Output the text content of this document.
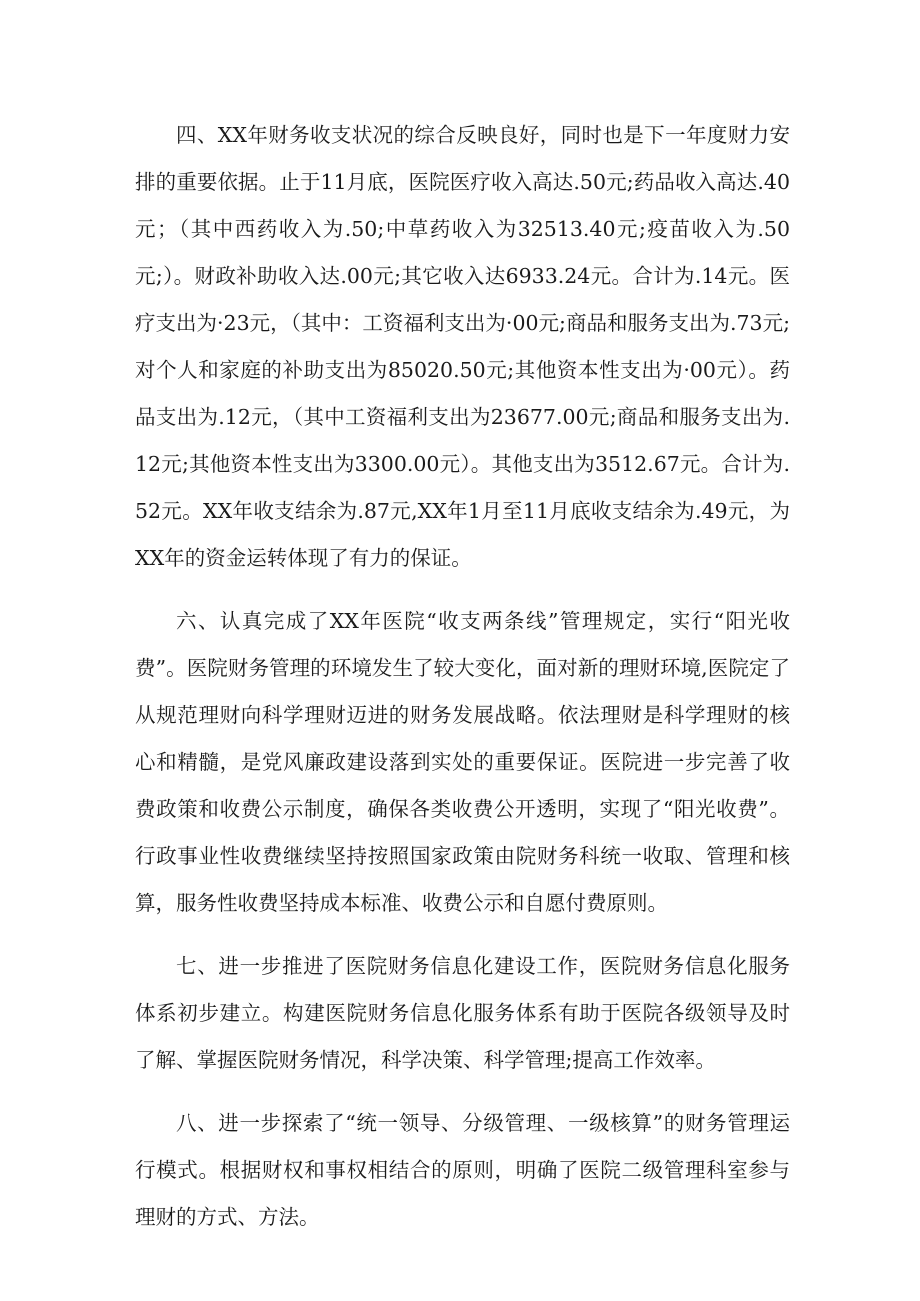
四、XX年财务收支状况的综合反映良好，同时也是下一年度财力安排的重要依据。止于11月底，医院医疗收入高达.50元;药品收入高达.40元；（其中西药收入为.50;中草药收入为32513.40元;疫苗收入为.50元;）。财政补助收入达.00元;其它收入达6933.24元。合计为.14元。医疗支出为·23元，（其中：工资福利支出为·00元;商品和服务支出为.73元;对个人和家庭的补助支出为85020.50元;其他资本性支出为·00元）。药品支出为.12元，（其中工资福利支出为23677.00元;商品和服务支出为.12元;其他资本性支出为3300.00元）。其他支出为3512.67元。合计为.52元。XX年收支结余为.87元,XX年1月至11月底收支结余为.49元，为XX年的资金运转体现了有力的保证。

六、认真完成了XX年医院“收支两条线”管理规定，实行“阳光收费”。医院财务管理的环境发生了较大变化，面对新的理财环境,医院定了从规范理财向科学理财迈进的财务发展战略。依法理财是科学理财的核心和精髓，是党风廉政建设落到实处的重要保证。医院进一步完善了收费政策和收费公示制度，确保各类收费公开透明，实现了“阳光收费”。行政事业性收费继续坚持按照国家政策由院财务科统一收取、管理和核算，服务性收费坚持成本标准、收费公示和自愿付费原则。

七、进一步推进了医院财务信息化建设工作，医院财务信息化服务体系初步建立。构建医院财务信息化服务体系有助于医院各级领导及时了解、掌握医院财务情况，科学决策、科学管理;提高工作效率。

八、进一步探索了“统一领导、分级管理、一级核算”的财务管理运行模式。根据财权和事权相结合的原则，明确了医院二级管理科室参与理财的方式、方法。
